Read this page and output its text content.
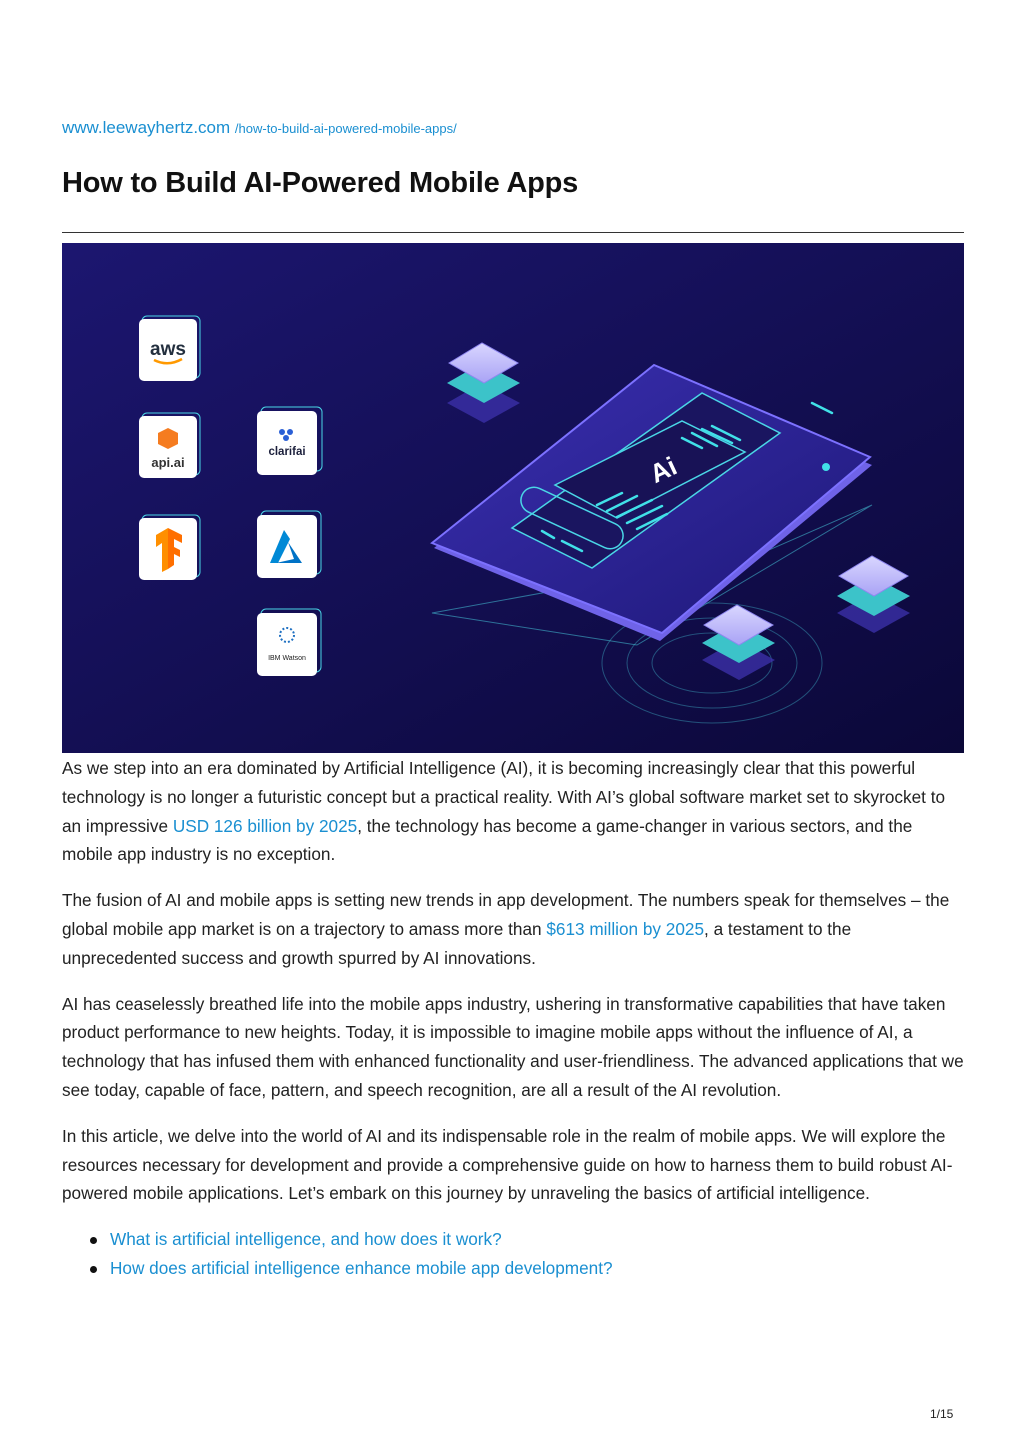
www.leewayhertz.com /how-to-build-ai-powered-mobile-apps/
How to Build AI-Powered Mobile Apps
aws
api.ai
clarifai
IBM Watson
Ai

As we step into an era dominated by Artificial Intelligence (AI), it is becoming increasingly clear that this powerful technology is no longer a futuristic concept but a practical reality. With AI’s global software market set to skyrocket to an impressive USD 126 billion by 2025, the technology has become a game-changer in various sectors, and the mobile app industry is no exception.

The fusion of AI and mobile apps is setting new trends in app development. The numbers speak for themselves – the global mobile app market is on a trajectory to amass more than $613 million by 2025, a testament to the unprecedented success and growth spurred by AI innovations.

AI has ceaselessly breathed life into the mobile apps industry, ushering in transformative capabilities that have taken product performance to new heights. Today, it is impossible to imagine mobile apps without the influence of AI, a technology that has infused them with enhanced functionality and user-friendliness. The advanced applications that we see today, capable of face, pattern, and speech recognition, are all a result of the AI revolution.

In this article, we delve into the world of AI and its indispensable role in the realm of mobile apps. We will explore the resources necessary for development and provide a comprehensive guide on how to harness them to build robust AI-powered mobile applications. Let’s embark on this journey by unraveling the basics of artificial intelligence.

What is artificial intelligence, and how does it work?
How does artificial intelligence enhance mobile app development?
1/15
